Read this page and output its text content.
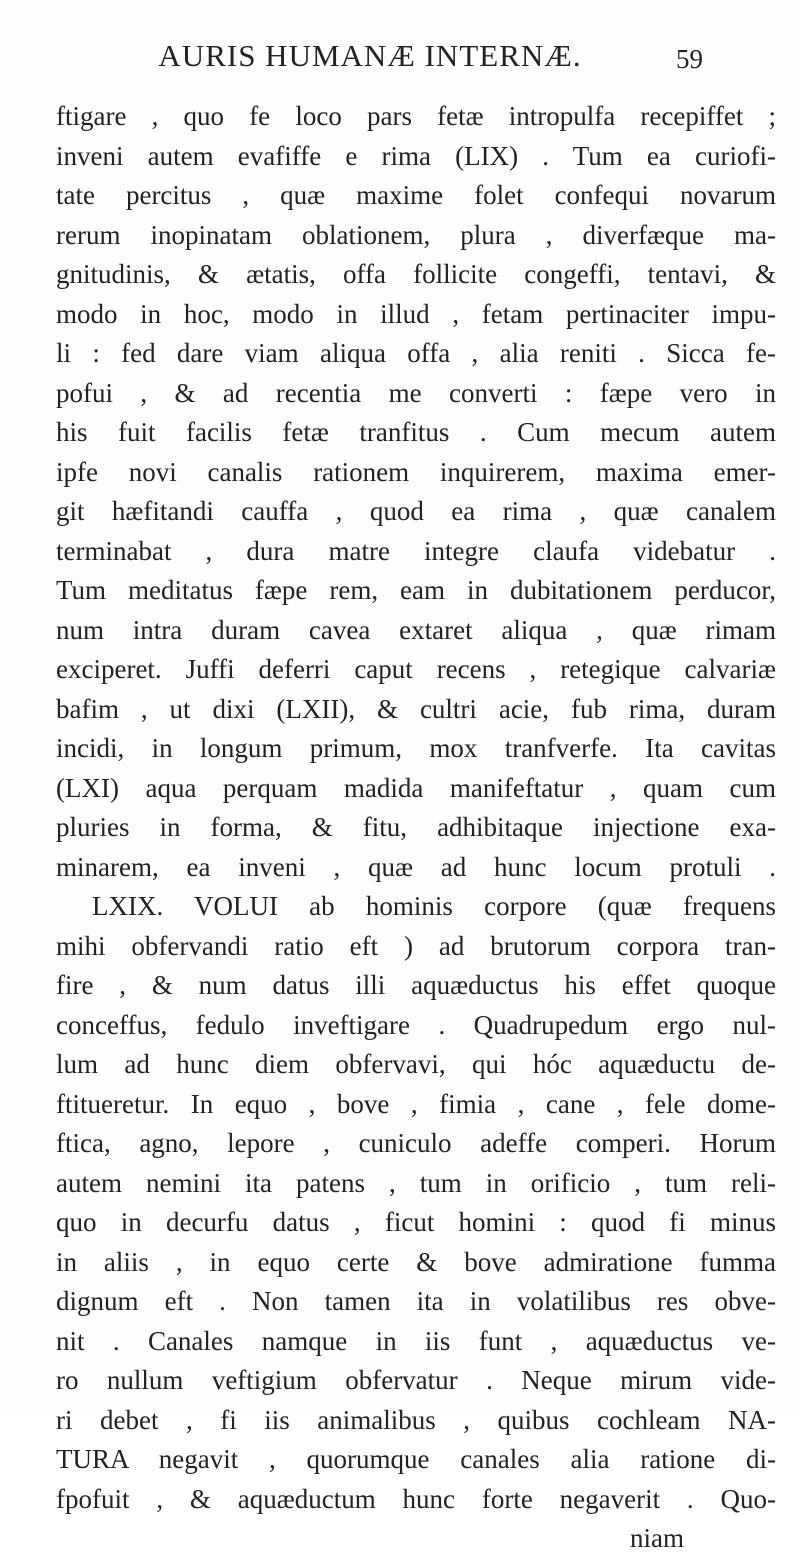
AURIS HUMANÆ INTERNÆ.	59
ftigare , quo fe loco pars fetæ intropulfa recepiffet ;
inveni autem evafiffe e rima (LIX) . Tum ea curiofi-
tate percitus , quæ maxime folet confequi novarum
rerum inopinatam oblationem, plura , diverfæque ma-
gnitudinis, & ætatis, offa follicite congeffi, tentavi, &
modo in hoc, modo in illud , fetam pertinaciter impu-
li : fed dare viam aliqua offa , alia reniti . Sicca fe-
pofui , & ad recentia me converti : fæpe vero in
his fuit facilis fetæ tranfitus . Cum mecum autem
ipfe novi canalis rationem inquirerem, maxima emer-
git hæfitandi cauffa , quod ea rima , quæ canalem
terminabat , dura matre integre claufa videbatur .
Tum meditatus fæpe rem, eam in dubitationem perducor,
num intra duram cavea extaret aliqua , quæ rimam
exciperet. Juffi deferri caput recens , retegique calvariæ
bafim , ut dixi (LXII), & cultri acie, fub rima, duram
incidi, in longum primum, mox tranfverfe. Ita cavitas
(LXI) aqua perquam madida manifeftatur , quam cum
pluries in forma, & fitu, adhibitaque injectione exa-
minarem, ea inveni , quæ ad hunc locum protuli .
LXIX. VOLUI ab hominis corpore (quæ frequens
mihi obfervandi ratio eft ) ad brutorum corpora tran-
fire , & num datus illi aquæductus his effet quoque
conceffus, fedulo inveftigare . Quadrupedum ergo nul-
lum ad hunc diem obfervavi, qui hóc aquæductu de-
ftitueretur. In equo , bove , fimia , cane , fele dome-
ftica, agno, lepore , cuniculo adeffe comperi. Horum
autem nemini ita patens , tum in orificio , tum reli-
quo in decurfu datus , ficut homini : quod fi minus
in aliis , in equo certe & bove admiratione fumma
dignum eft . Non tamen ita in volatilibus res obve-
nit . Canales namque in iis funt , aquæductus ve-
ro nullum veftigium obfervatur . Neque mirum vide-
ri debet , fi iis animalibus , quibus cochleam NA-
TURA negavit , quorumque canales alia ratione di-
fpofuit , & aquæductum hunc forte negaverit . Quo-
niam
